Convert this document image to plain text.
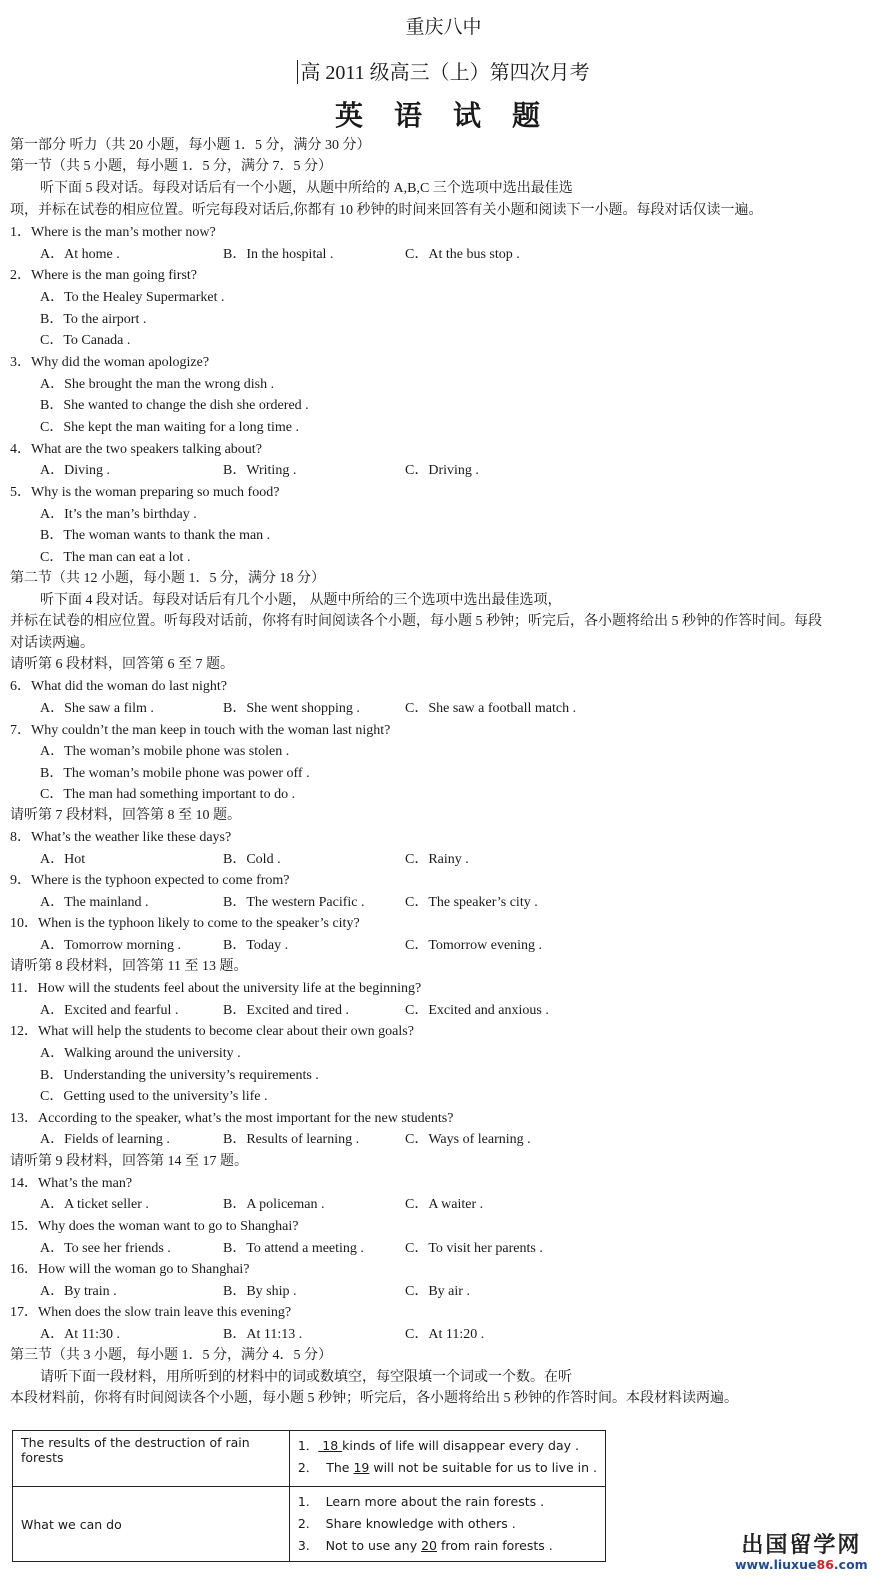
重庆八中
高 2011 级高三（上）第四次月考
英 语 试 题
第一部分 听力（共 20 小题，每小题 1．5 分，满分 30 分）
第一节（共 5 小题，每小题 1．5 分，满分 7．5 分）
听下面 5 段对话。每段对话后有一个小题，从题中所给的 A,B,C 三个选项中选出最佳选
项，并标在试卷的相应位置。听完每段对话后,你都有 10 秒钟的时间来回答有关小题和阅读下一小题。每段对话仅读一遍。
1．Where is the man’s mother now?
A．At home .	B．In the hospital .	C．At the bus stop .
2．Where is the man going first?
A．To the Healey Supermarket .
B．To the airport .
C．To Canada .
3．Why did the woman apologize?
A．She brought the man the wrong dish .
B．She wanted to change the dish she ordered .
C．She kept the man waiting for a long time .
4．What are the two speakers talking about?
A．Diving .	B．Writing .	C．Driving .
5．Why is the woman preparing so much food?
A．It’s the man’s birthday .
B．The woman wants to thank the man .
C．The man can eat a lot .
第二节（共 12 小题，每小题 1．5 分，满分 18 分）
听下面 4 段对话。每段对话后有几个小题， 从题中所给的三个选项中选出最佳选项，
并标在试卷的相应位置。听每段对话前，你将有时间阅读各个小题，每小题 5 秒钟；听完后，各小题将给出 5 秒钟的作答时间。每段
对话读两遍。
请听第 6 段材料，回答第 6 至 7 题。
6．What did the woman do last night?
A．She saw a film .	B．She went shopping .	C．She saw a football match .
7．Why couldn’t the man keep in touch with the woman last night?
A．The woman’s mobile phone was stolen .
B．The woman’s mobile phone was power off .
C．The man had something important to do .
请听第 7 段材料，回答第 8 至 10 题。
8．What’s the weather like these days?
A．Hot	B．Cold .	C．Rainy .
9．Where is the typhoon expected to come from?
A．The mainland .	B．The western Pacific .	C．The speaker’s city .
10．When is the typhoon likely to come to the speaker’s city?
A．Tomorrow morning .	B．Today .	C．Tomorrow evening .
请听第 8 段材料，回答第 11 至 13 题。
11．How will the students feel about the university life at the beginning?
A．Excited and fearful .	B．Excited and tired .	C．Excited and anxious .
12．What will help the students to become clear about their own goals?
A．Walking around the university .
B．Understanding the university’s requirements .
C．Getting used to the university’s life .
13．According to the speaker, what’s the most important for the new students?
A．Fields of learning .	B．Results of learning .	C．Ways of learning .
请听第 9 段材料，回答第 14 至 17 题。
14．What’s the man?
A．A ticket seller .	B．A policeman .	C．A waiter .
15．Why does the woman want to go to Shanghai?
A．To see her friends .	B．To attend a meeting .	C．To visit her parents .
16．How will the woman go to Shanghai?
A．By train .	B．By ship .	C．By air .
17．When does the slow train leave this evening?
A．At 11:30 .	B．At 11:13 .	C．At 11:20 .
第三节（共 3 小题，每小题 1．5 分，满分 4．5 分）
请听下面一段材料，用所听到的材料中的词或数填空，每空限填一个词或一个数。在听
本段材料前，你将有时间阅读各个小题，每小题 5 秒钟；听完后，各小题将给出 5 秒钟的作答时间。本段材料读两遍。
The results of the destruction of rain forests	1． 18 kinds of life will disappear every day .
2． The 19 will not be suitable for us to live in .

What we can do	1.    Learn more about the rain forests .
2.    Share knowledge with others .
3.    Not to use any 20 from rain forests .	出国留学网
www.liuxue86.com
